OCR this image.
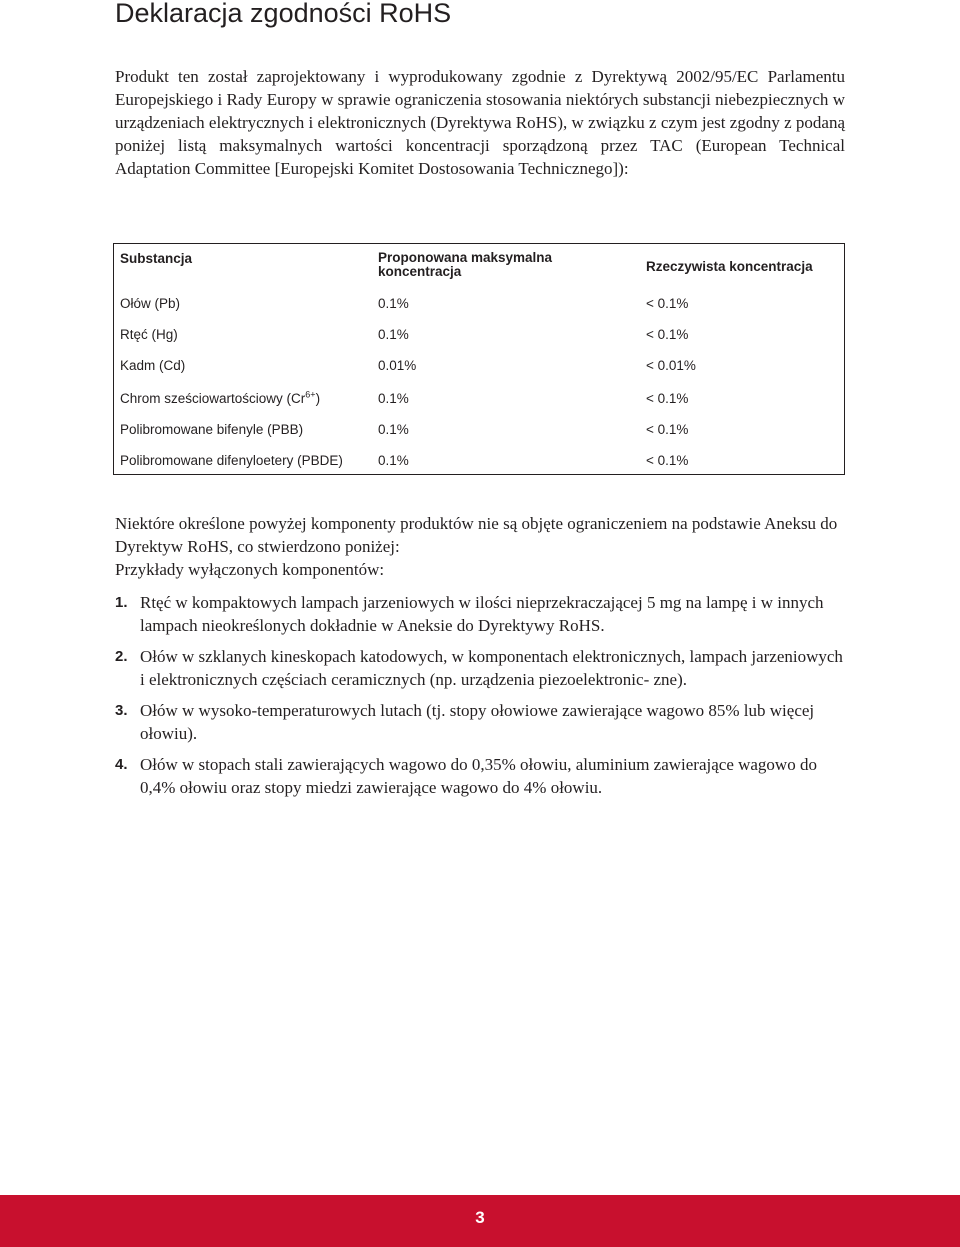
Deklaracja zgodności RoHS

Produkt ten został zaprojektowany i wyprodukowany zgodnie z Dyrektywą 2002/95/EC Parlamentu Europejskiego i Rady Europy w sprawie ograniczenia stosowania niektórych substancji niebezpiecznych w urządzeniach elektrycznych i elektronicznych (Dyrektywa RoHS), w związku z czym jest zgodny z podaną poniżej listą maksymalnych wartości koncentracji sporządzoną przez TAC (European Technical Adaptation Committee [Europejski Komitet Dostosowania Technicznego]):

Substancja	Proponowana maksymalna koncentracja	Rzeczywista koncentracja
Ołów (Pb)	0.1%	< 0.1%
Rtęć (Hg)	0.1%	< 0.1%
Kadm (Cd)	0.01%	< 0.01%
Chrom sześciowartościowy $(Cr^{6+})$	0.1%	< 0.1%
Polibromowane bifenyle (PBB)	0.1%	< 0.1%
Polibromowane difenyloetery (PBDE)	0.1%	< 0.1%
Niektóre określone powyżej komponenty produktów nie są objęte ograniczeniem na podstawie Aneksu do Dyrektyw RoHS, co stwierdzono poniżej:
Przykłady wyłączonych komponentów:
1. Rtęć w kompaktowych lampach jarzeniowych w ilości nieprzekraczającej 5 mg na lampę i w innych lampach nieokreślonych dokładnie w Aneksie do Dyrektywy RoHS.
2. Ołów w szklanych kineskopach katodowych, w komponentach elektronicznych, lampach jarzeniowych i elektronicznych częściach ceramicznych (np. urządzenia piezoelektronic- zne).
3. Ołów w wysoko-temperaturowych lutach (tj. stopy ołowiowe zawierające wagowo 85% lub więcej ołowiu).
4. Ołów w stopach stali zawierających wagowo do 0,35% ołowiu, aluminium zawierające wagowo do 0,4% ołowiu oraz stopy miedzi zawierające wagowo do 4% ołowiu.
3
